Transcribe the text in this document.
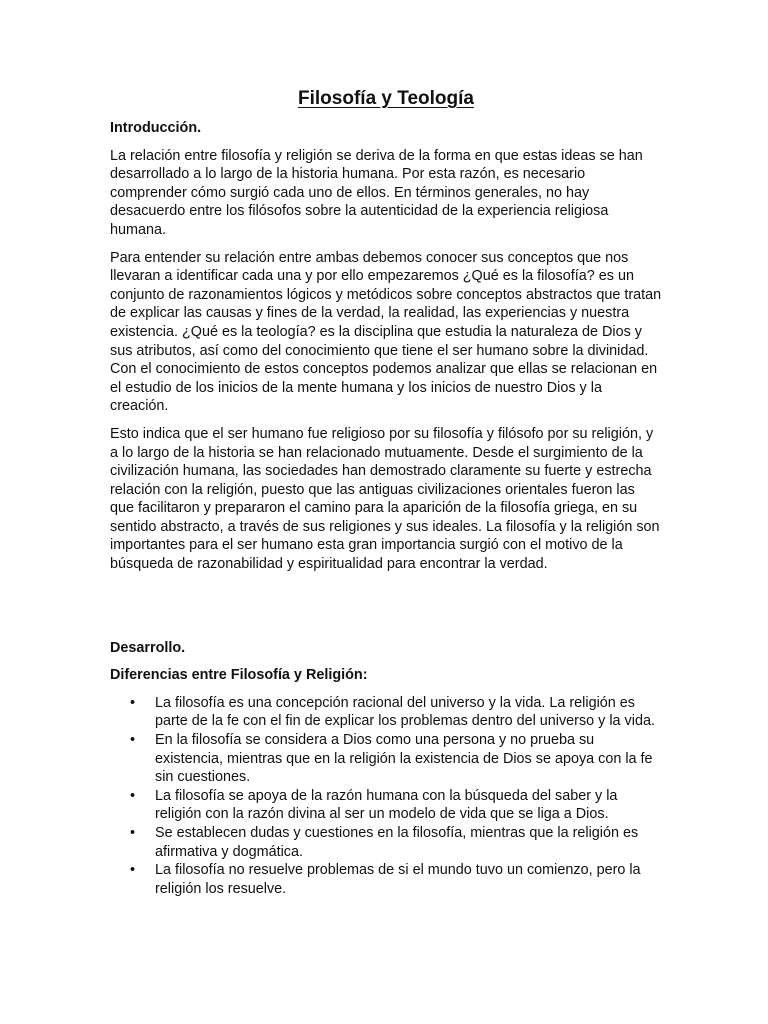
Filosofía y Teología

Introducción.

La relación entre filosofía y religión se deriva de la forma en que estas ideas se han desarrollado a lo largo de la historia humana. Por esta razón, es necesario comprender cómo surgió cada uno de ellos. En términos generales, no hay desacuerdo entre los filósofos sobre la autenticidad de la experiencia religiosa humana.

Para entender su relación entre ambas debemos conocer sus conceptos que nos llevaran a identificar cada una y por ello empezaremos ¿Qué es la filosofía? es un conjunto de razonamientos lógicos y metódicos sobre conceptos abstractos que tratan de explicar las causas y fines de la verdad, la realidad, las experiencias y nuestra existencia. ¿Qué es la teología? es la disciplina que estudia la naturaleza de Dios y sus atributos, así como del conocimiento que tiene el ser humano sobre la divinidad. Con el conocimiento de estos conceptos podemos analizar que ellas se relacionan en el estudio de los inicios de la mente humana y los inicios de nuestro Dios y la creación.

Esto indica que el ser humano fue religioso por su filosofía y filósofo por su religión, y a lo largo de la historia se han relacionado mutuamente. Desde el surgimiento de la civilización humana, las sociedades han demostrado claramente su fuerte y estrecha relación con la religión, puesto que las antiguas civilizaciones orientales fueron las que facilitaron y prepararon el camino para la aparición de la filosofía griega, en su sentido abstracto, a través de sus religiones y sus ideales. La filosofía y la religión son importantes para el ser humano esta gran importancia surgió con el motivo de la búsqueda de razonabilidad y espiritualidad para encontrar la verdad.

Desarrollo.

Diferencias entre Filosofía y Religión:

• La filosofía es una concepción racional del universo y la vida. La religión es parte de la fe con el fin de explicar los problemas dentro del universo y la vida.
• En la filosofía se considera a Dios como una persona y no prueba su existencia, mientras que en la religión la existencia de Dios se apoya con la fe sin cuestiones.
• La filosofía se apoya de la razón humana con la búsqueda del saber y la religión con la razón divina al ser un modelo de vida que se liga a Dios.
• Se establecen dudas y cuestiones en la filosofía, mientras que la religión es afirmativa y dogmática.
• La filosofía no resuelve problemas de si el mundo tuvo un comienzo, pero la religión los resuelve.
